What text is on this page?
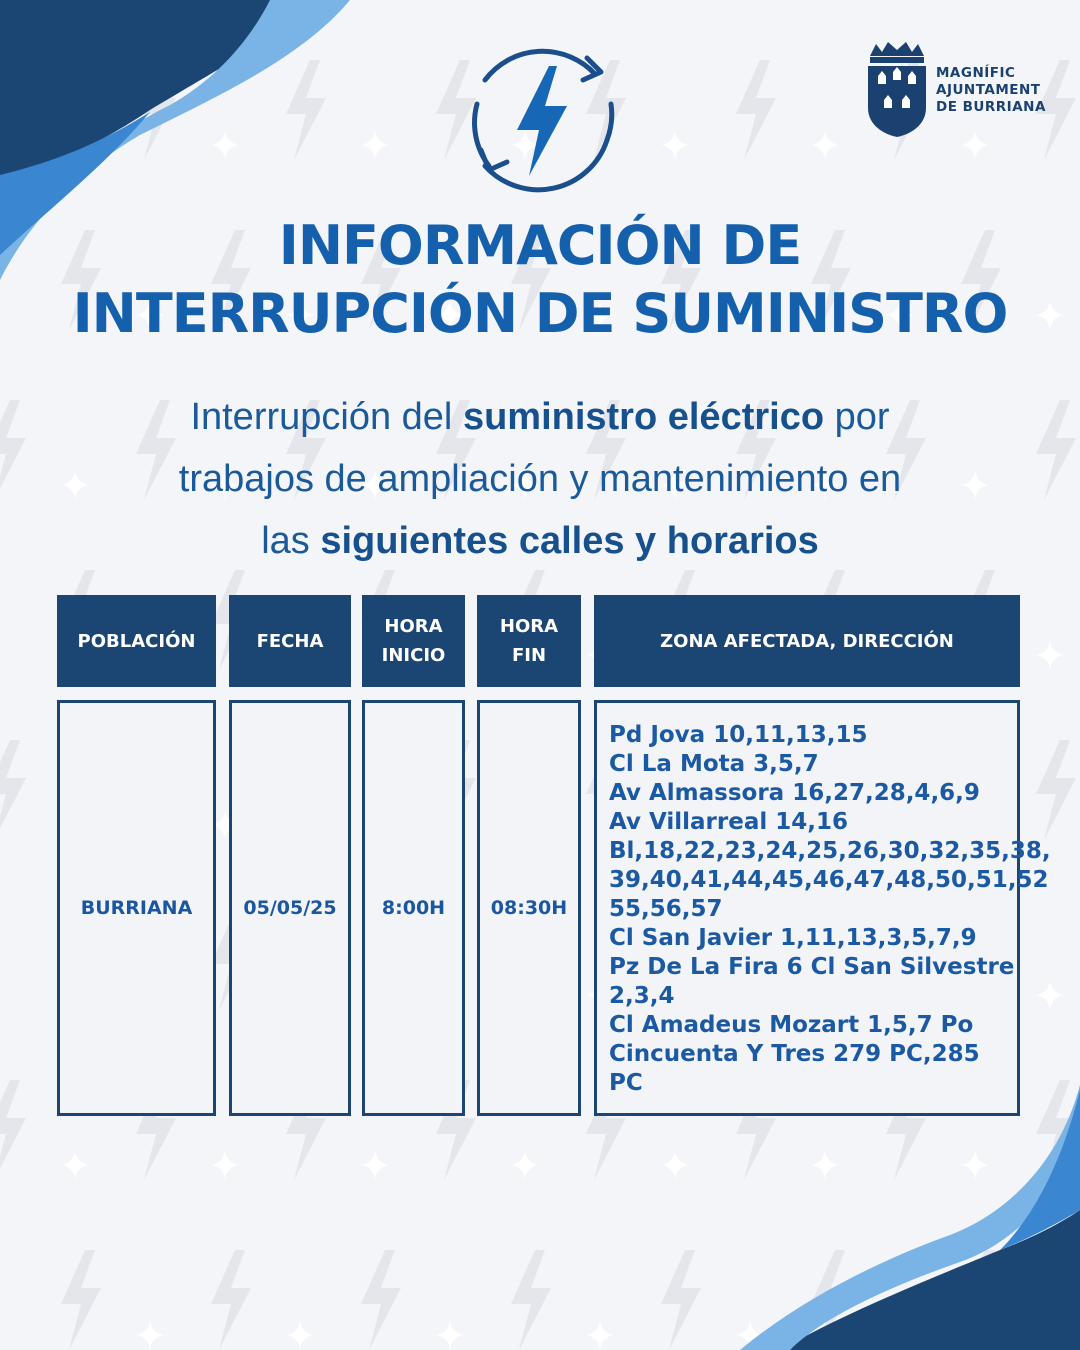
MAGNÍFIC
AJUNTAMENT
DE BURRIANA
INFORMACIÓN DE
INTERRUPCIÓN DE SUMINISTRO
Interrupción del suministro eléctrico por
trabajos de ampliación y mantenimiento en
las siguientes calles y horarios
POBLACIÓN	FECHA
HORA
INICIO
HORA
FIN
ZONA AFECTADA, DIRECCIÓN
BURRIANA	05/05/25 8:00H 08:30H
Pd Jova 10,11,13,15
Cl La Mota 3,5,7
Av Almassora 16,27,28,4,6,9
Av Villarreal 14,16
Bl,18,22,23,24,25,26,30,32,35,38,
39,40,41,44,45,46,47,48,50,51,52
55,56,57
Cl San Javier 1,11,13,3,5,7,9
Pz De La Fira 6 Cl San Silvestre
2,3,4
Cl Amadeus Mozart 1,5,7 Po
Cincuenta Y Tres 279 PC,285
PC
